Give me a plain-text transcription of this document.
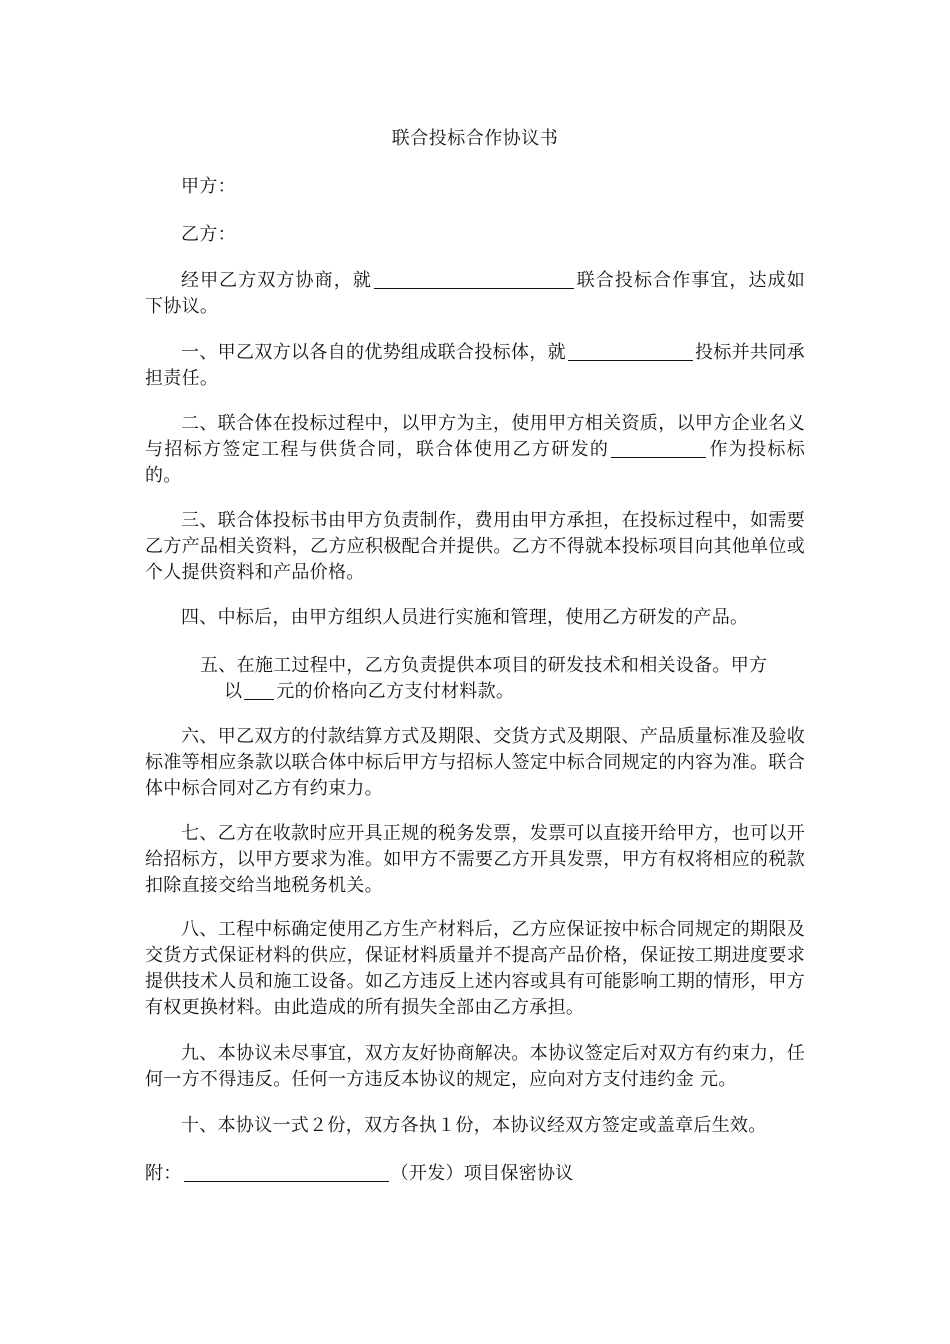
联合投标合作协议书
甲方：
乙方：
经甲乙方双方协商，就	联合投标合作事宜，达成如下协议。
一、甲乙双方以各自的优势组成联合投标体，就	投标并共同承担责任。
二、联合体在投标过程中，以甲方为主，使用甲方相关资质，以甲方企业名义与招标方签定工程与供货合同，联合体使用乙方研发的	作为投标标的。
三、联合体投标书由甲方负责制作，费用由甲方承担，在投标过程中，如需要乙方产品相关资料，乙方应积极配合并提供。乙方不得就本投标项目向其他单位或个人提供资料和产品价格。
四、中标后，由甲方组织人员进行实施和管理，使用乙方研发的产品。
五、在施工过程中，乙方负责提供本项目的研发技术和相关设备。甲方
以 元的价格向乙方支付材料款。
六、甲乙双方的付款结算方式及期限、交货方式及期限、产品质量标准及验收标准等相应条款以联合体中标后甲方与招标人签定中标合同规定的内容为准。联合体中标合同对乙方有约束力。
七、乙方在收款时应开具正规的税务发票，发票可以直接开给甲方，也可以开给招标方，以甲方要求为准。如甲方不需要乙方开具发票，甲方有权将相应的税款扣除直接交给当地税务机关。
八、工程中标确定使用乙方生产材料后，乙方应保证按中标合同规定的期限及交货方式保证材料的供应，保证材料质量并不提高产品价格，保证按工期进度要求提供技术人员和施工设备。如乙方违反上述内容或具有可能影响工期的情形，甲方有权更换材料。由此造成的所有损失全部由乙方承担。
九、本协议未尽事宜，双方友好协商解决。本协议签定后对双方有约束力，任何一方不得违反。任何一方违反本协议的规定，应向对方支付违约金 元。
十、本协议一式２份，双方各执１份，本协议经双方签定或盖章后生效。
附：	（开发）项目保密协议
